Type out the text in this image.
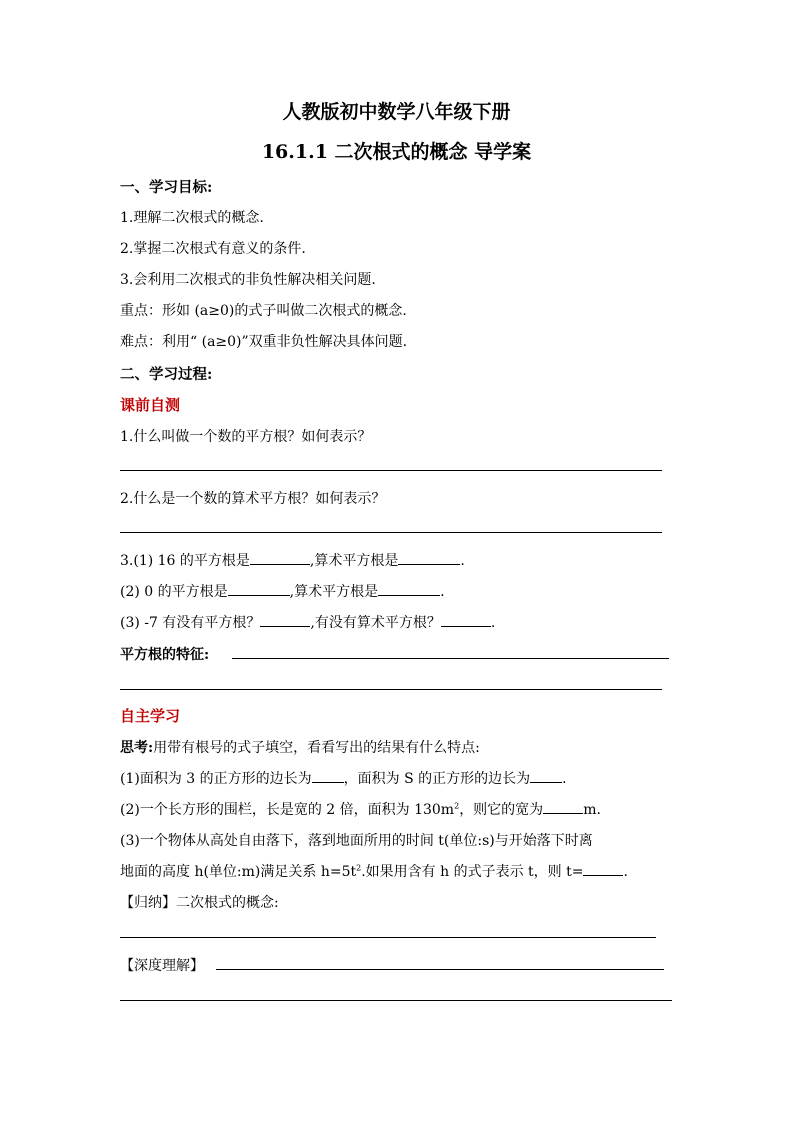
人教版初中数学八年级下册
16.1.1 二次根式的概念 导学案
一、学习目标:
1.理解二次根式的概念.
2.掌握二次根式有意义的条件.
3.会利用二次根式的非负性解决相关问题.
重点：形如 (a≥0)的式子叫做二次根式的概念.
难点：利用“ (a≥0)”双重非负性解决具体问题.
二、学习过程:
课前自测
1.什么叫做一个数的平方根？如何表示？
2.什么是一个数的算术平方根？如何表示？
3.(1) 16 的平方根是	,算术平方根是	.
(2) 0 的平方根是	,算术平方根是	.
(3) -7 有没有平方根？	,有没有算术平方根？	.
平方根的特征:
自主学习
思考:用带有根号的式子填空，看看写出的结果有什么特点:
(1)面积为 3 的正方形的边长为 ，面积为 S 的正方形的边长为 .
(2)一个长方形的围栏，长是宽的 2 倍，面积为 $130m^2$，则它的宽为	m.
(3)一个物体从高处自由落下，落到地面所用的时间 t(单位:s)与开始落下时离
地面的高度 h(单位:m)满足关系 $h=5t^2$.如果用含有 h 的式子表示 t，则 t=	.
【归纳】二次根式的概念:
【深度理解】
